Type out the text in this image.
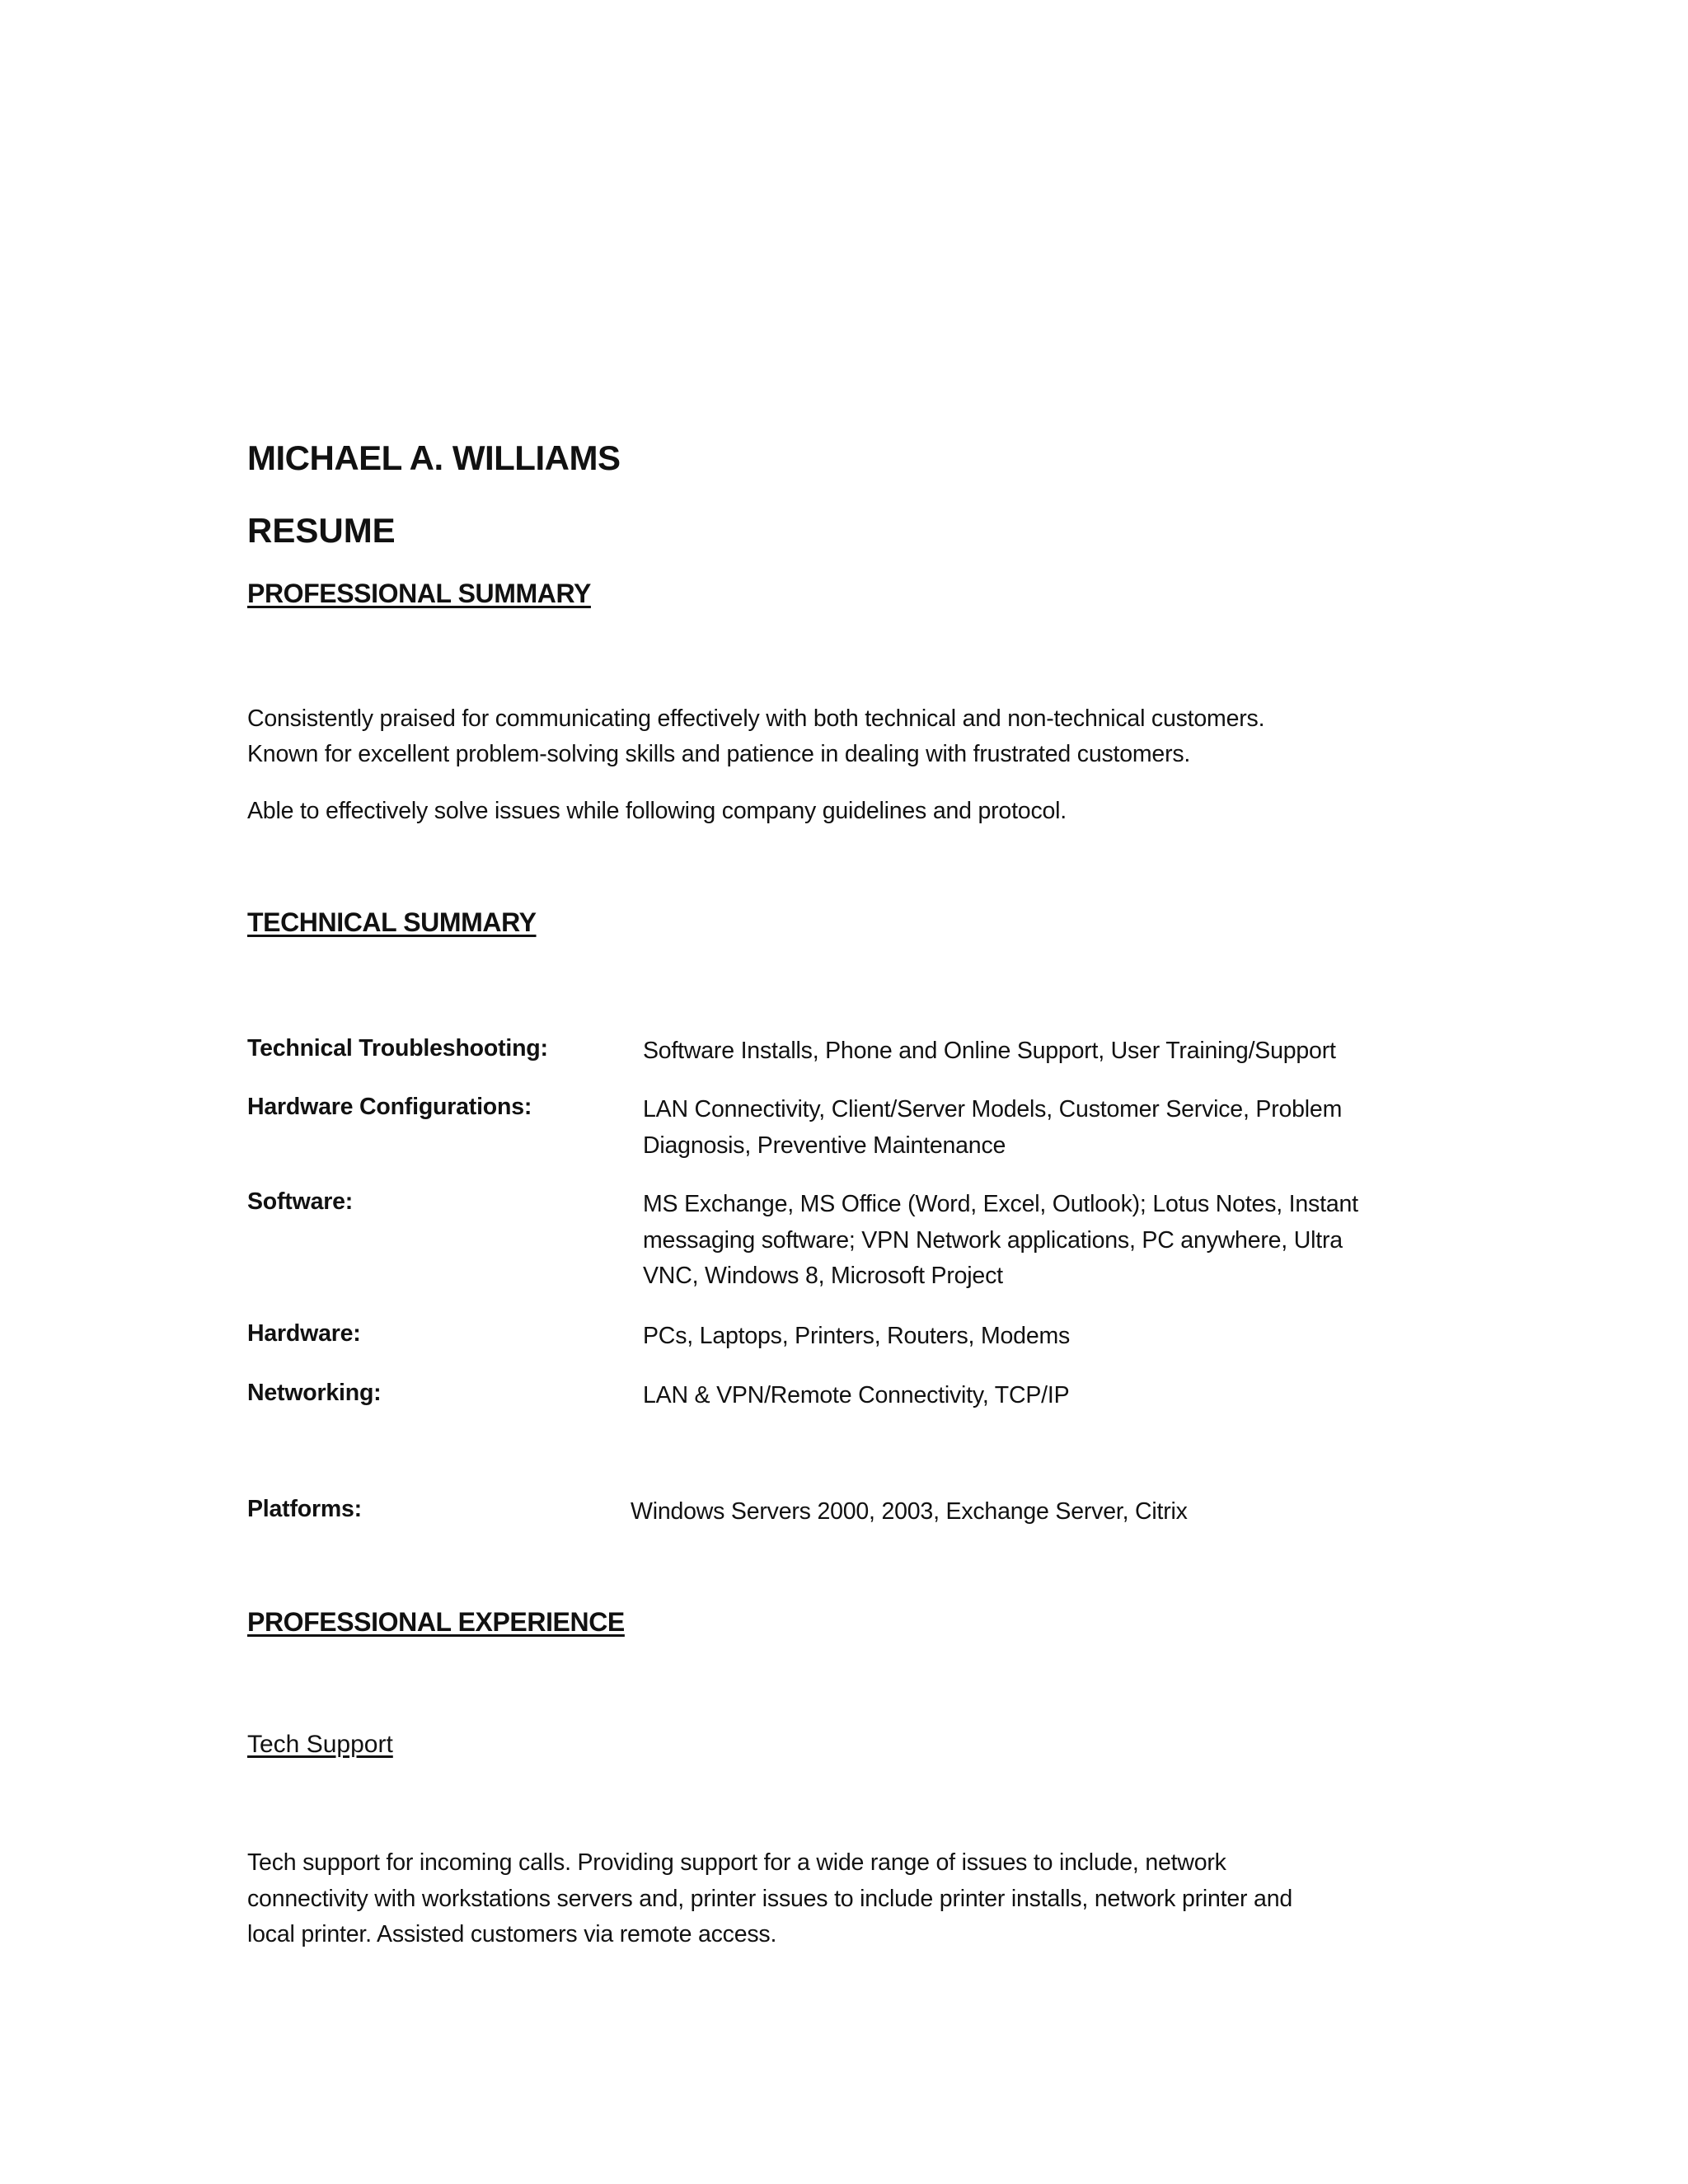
MICHAEL A. WILLIAMS
RESUME
PROFESSIONAL SUMMARY
Consistently praised for communicating effectively with both technical and non-technical customers.
Known for excellent problem-solving skills and patience in dealing with frustrated customers.
Able to effectively solve issues while following company guidelines and protocol.
TECHNICAL SUMMARY
Technical Troubleshooting:	Software Installs, Phone and Online Support, User Training/Support
Hardware Configurations:	LAN Connectivity, Client/Server Models, Customer Service, Problem
Diagnosis, Preventive Maintenance
Software:	MS Exchange, MS Office (Word, Excel, Outlook); Lotus Notes, Instant
messaging software; VPN Network applications, PC anywhere, Ultra
VNC, Windows 8, Microsoft Project
Hardware:	PCs, Laptops, Printers, Routers, Modems
Networking:	LAN & VPN/Remote Connectivity, TCP/IP
Platforms:	Windows Servers 2000, 2003, Exchange Server, Citrix
PROFESSIONAL EXPERIENCE
Tech Support
Tech support for incoming calls. Providing support for a wide range of issues to include, network
connectivity with workstations servers and, printer issues to include printer installs, network printer and
local printer. Assisted customers via remote access.
